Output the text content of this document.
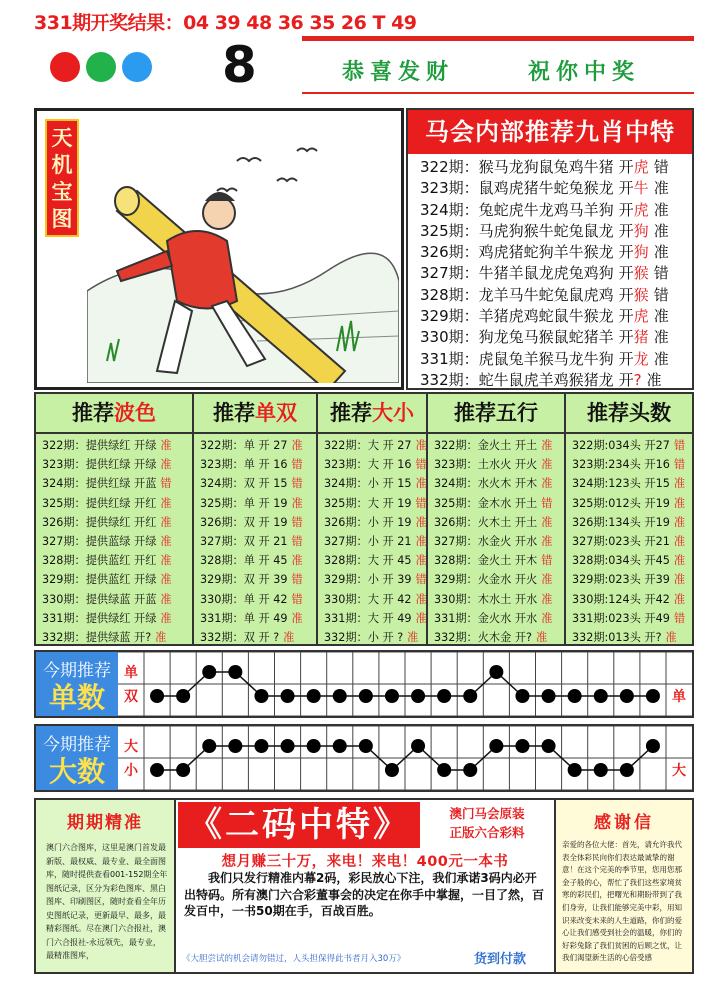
331期开奖结果：04 39 48 36 35 26 T 49
8	恭喜发财	祝你中奖
天机宝图
马会内部推荐九肖中特
322期：猴马龙狗鼠兔鸡牛猪 开虎 错
323期：鼠鸡虎猪牛蛇兔猴龙 开牛 准
324期：兔蛇虎牛龙鸡马羊狗 开虎 准
325期：马虎狗猴牛蛇兔鼠龙 开狗 准
326期：鸡虎猪蛇狗羊牛猴龙 开狗 准
327期：牛猪羊鼠龙虎兔鸡狗 开猴 错
328期：龙羊马牛蛇兔鼠虎鸡 开猴 错
329期：羊猪虎鸡蛇鼠牛猴龙 开虎 准
330期：狗龙兔马猴鼠蛇猪羊 开猪 准
331期：虎鼠兔羊猴马龙牛狗 开龙 准
332期：蛇牛鼠虎羊鸡猴猪龙 开? 准
推荐波色
322期：提供绿红 开绿 准
323期：提供红绿 开绿 准
324期：提供红绿 开蓝 错
325期：提供红绿 开红 准
326期：提供绿红 开红 准
327期：提供蓝绿 开绿 准
328期：提供蓝红 开红 准
329期：提供蓝红 开绿 准
330期：提供绿蓝 开蓝 准
331期：提供绿红 开绿 准
332期：提供绿蓝 开? 准
推荐单双
322期：单 开 27 准
323期：单 开 16 错
324期：双 开 15 错
325期：单 开 19 准
326期：双 开 19 错
327期：双 开 21 错
328期：单 开 45 准
329期：双 开 39 错
330期：单 开 42 错
331期：单 开 49 准
332期：双 开 ? 准
推荐大小
322期：大 开 27 准
323期：大 开 16 错
324期：小 开 15 准
325期：大 开 19 错
326期：小 开 19 准
327期：小 开 21 准
328期：大 开 45 准
329期：小 开 39 错
330期：大 开 42 准
331期：大 开 49 准
332期：小 开 ? 准
推荐五行
322期：金火土 开土 准
323期：土水火 开火 准
324期：水火木 开木 准
325期：金木水 开土 错
326期：火木土 开土 准
327期：水金火 开水 准
328期：金火土 开木 错
329期：火金水 开火 准
330期：木水土 开水 准
331期：金火水 开水 准
332期：火木金 开? 准
推荐头数
322期:034头 开27 错
323期:234头 开16 错
324期:123头 开15 准
325期:012头 开19 准
326期:134头 开19 准
327期:023头 开21 准
328期:034头 开45 准
329期:023头 开39 准
330期:124头 开42 准
331期:023头 开49 错
332期:013头 开? 准
今期推荐
单数
单
双	单
今期推荐
大数
大
小	大
期期精准
澳门六合图库，这里是澳门首发最新版、最权威、最专业、最全面图库，随时提供查看001-152期全年图纸记录，区分为彩色图库、黑白图库、印刷图区，随时查看全年历史图纸记录，更新最早、最多，最精彩图纸。尽在澳门六合报社，澳门六合报社-永远领先，最专业，最精准图库，
《二码中特》	澳门马会原装
正版六合彩料
想月赚三十万，来电！来电！400元一本书
我们只发行精准内幕2码，彩民放心下注，我们承诺3码内必开出特码。所有澳门六合彩董事会的决定在你手中掌握，一目了然，百发百中，一书50期在手，百战百胜。
《大胆尝试的机会请勿错过，人头担保得此书者月入30万》	货到付款
感谢信
亲爱的各位大佬：首先，请允许我代表全体彩民向你们表达最诚挚的谢意！在这个完美的季节里，您用您那金子般的心，帮忙了我们这些家境贫寒的彩民们，把曙光和期盼带到了我们身旁，让我们能够完美中彩，用知识来改变未来的人生道路，你们的爱心让我们感受到社会的温暖，你们的好彩兔除了我们贫困的后顾之忧，让我们渴望新生活的心倍受感
